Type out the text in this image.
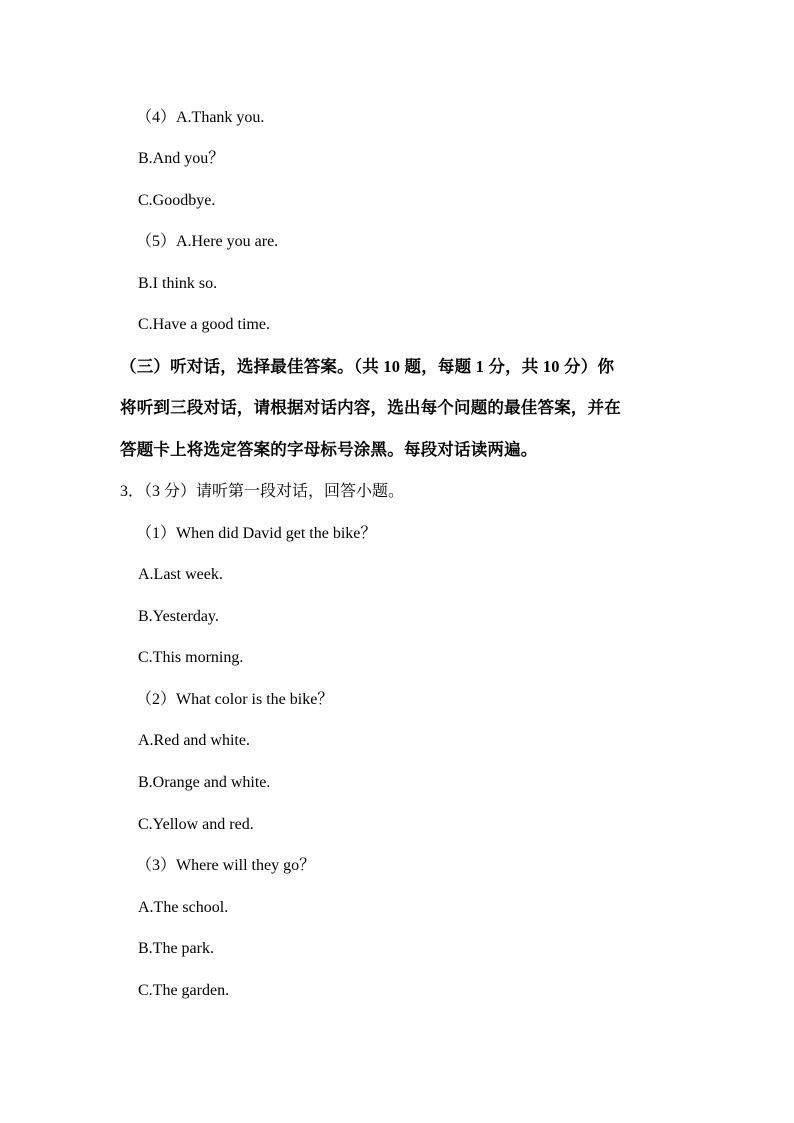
（4）A.Thank you.
B.And you？
C.Goodbye.
（5）A.Here you are.
B.I think so.
C.Have a good time.
（三）听对话，选择最佳答案。（共 10 题，每题 1 分，共 10 分）你
将听到三段对话，请根据对话内容，选出每个问题的最佳答案，并在
答题卡上将选定答案的字母标号涂黑。每段对话读两遍。
3．（3 分）请听第一段对话，回答小题。
（1）When did David get the bike？
A.Last week.
B.Yesterday.
C.This morning.
（2）What color is the bike？
A.Red and white.
B.Orange and white.
C.Yellow and red.
（3）Where will they go？
A.The school.
B.The park.
C.The garden.
